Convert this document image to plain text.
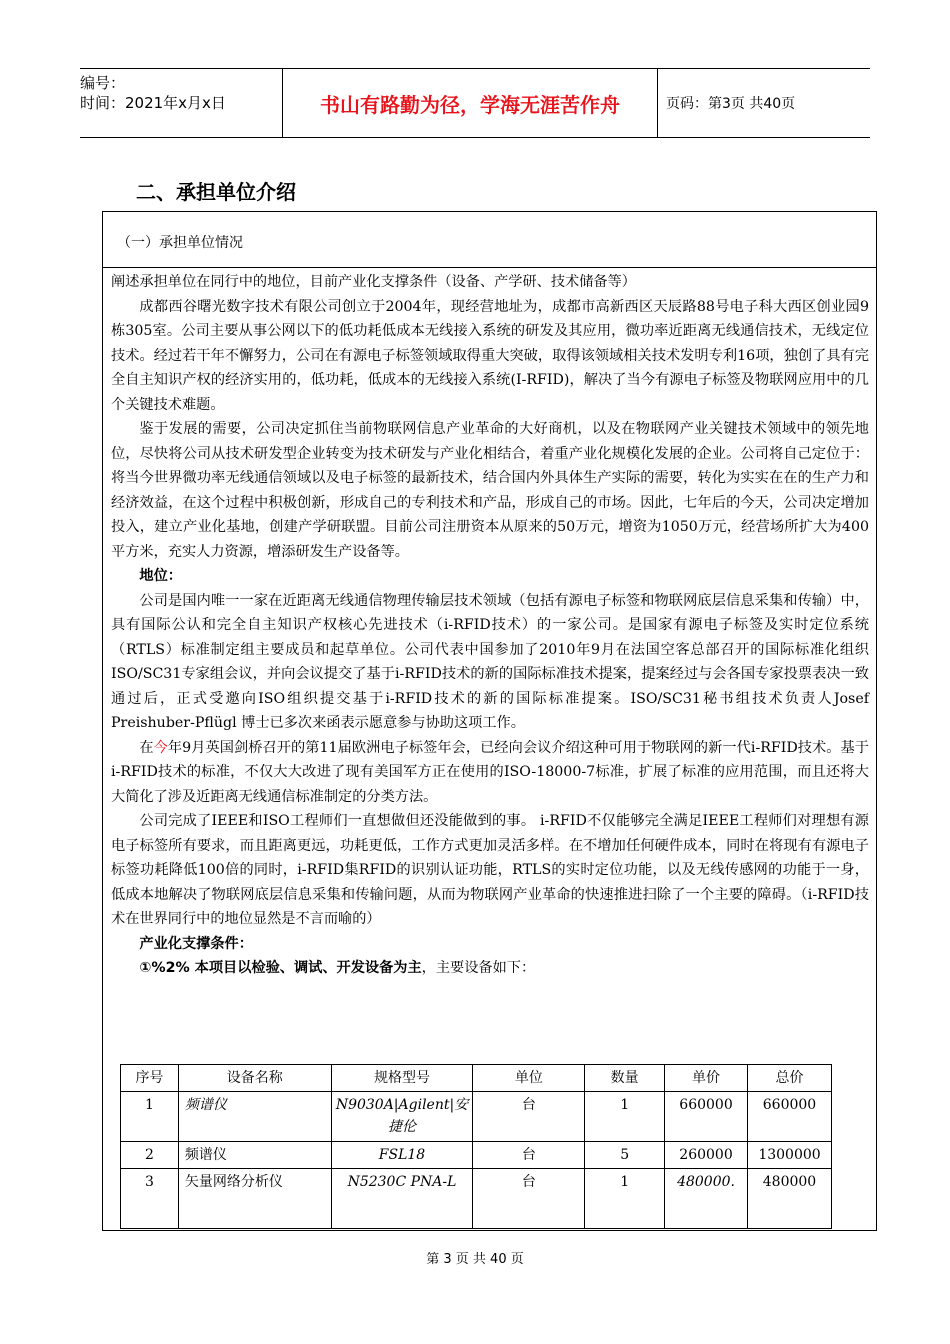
编号：
时间：2021年x月x日	书山有路勤为径，学海无涯苦作舟	页码：第3页 共40页
二、承担单位介绍
（一）承担单位情况

阐述承担单位在同行中的地位，目前产业化支撑条件（设备、产学研、技术储备等）

成都西谷曙光数字技术有限公司创立于2004年，现经营地址为，成都市高新西区天辰路88号电子科大西区创业园9栋305室。公司主要从事公网以下的低功耗低成本无线接入系统的研发及其应用，微功率近距离无线通信技术，无线定位技术。经过若干年不懈努力，公司在有源电子标签领域取得重大突破，取得该领域相关技术发明专利16项，独创了具有完全自主知识产权的经济实用的，低功耗，低成本的无线接入系统(I-RFID)，解决了当今有源电子标签及物联网应用中的几个关键技术难题。

鉴于发展的需要，公司决定抓住当前物联网信息产业革命的大好商机，以及在物联网产业关键技术领域中的领先地位，尽快将公司从技术研发型企业转变为技术研发与产业化相结合，着重产业化规模化发展的企业。公司将自己定位于：将当今世界微功率无线通信领域以及电子标签的最新技术，结合国内外具体生产实际的需要，转化为实实在在的生产力和经济效益，在这个过程中积极创新，形成自己的专利技术和产品，形成自己的市场。因此，七年后的今天，公司决定增加投入，建立产业化基地，创建产学研联盟。目前公司注册资本从原来的50万元，增资为1050万元，经营场所扩大为400平方米，充实人力资源，增添研发生产设备等。

地位：

公司是国内唯一一家在近距离无线通信物理传输层技术领域（包括有源电子标签和物联网底层信息采集和传输）中，具有国际公认和完全自主知识产权核心先进技术（i-RFID技术）的一家公司。是国家有源电子标签及实时定位系统（RTLS）标准制定组主要成员和起草单位。公司代表中国参加了2010年9月在法国空客总部召开的国际标准化组织ISO/SC31专家组会议，并向会议提交了基于i-RFID技术的新的国际标准技术提案，提案经过与会各国专家投票表决一致通过后，正式受邀向ISO组织提交基于i-RFID技术的新的国际标准提案。ISO/SC31秘书组技术负责人Josef Preishuber-Pflügl 博士已多次来函表示愿意参与协助这项工作。

在今年9月英国剑桥召开的第11届欧洲电子标签年会，已经向会议介绍这种可用于物联网的新一代i-RFID技术。基于i-RFID技术的标准，不仅大大改进了现有美国军方正在使用的ISO-18000-7标准，扩展了标准的应用范围，而且还将大大简化了涉及近距离无线通信标准制定的分类方法。

公司完成了IEEE和ISO工程师们一直想做但还没能做到的事。 i-RFID不仅能够完全满足IEEE工程师们对理想有源电子标签所有要求，而且距离更远，功耗更低，工作方式更加灵活多样。在不增加任何硬件成本，同时在将现有有源电子标签功耗降低100倍的同时，i-RFID集RFID的识别认证功能，RTLS的实时定位功能，以及无线传感网的功能于一身，低成本地解决了物联网底层信息采集和传输问题，从而为物联网产业革命的快速推进扫除了一个主要的障碍。（i-RFID技术在世界同行中的地位显然是不言而喻的）

产业化支撑条件：

①%2% 本项目以检验、调试、开发设备为主，主要设备如下：

序号	设备名称	规格型号	单位	数量	单价	总价
1	频谱仪	N9030A|Agilent|安捷伦	台	1	660000	660000
2	频谱仪	FSL18	台	5	260000	1300000
3	矢量网络分析仪	N5230C PNA-L	台	1	480000.	480000
第 3 页 共 40 页
